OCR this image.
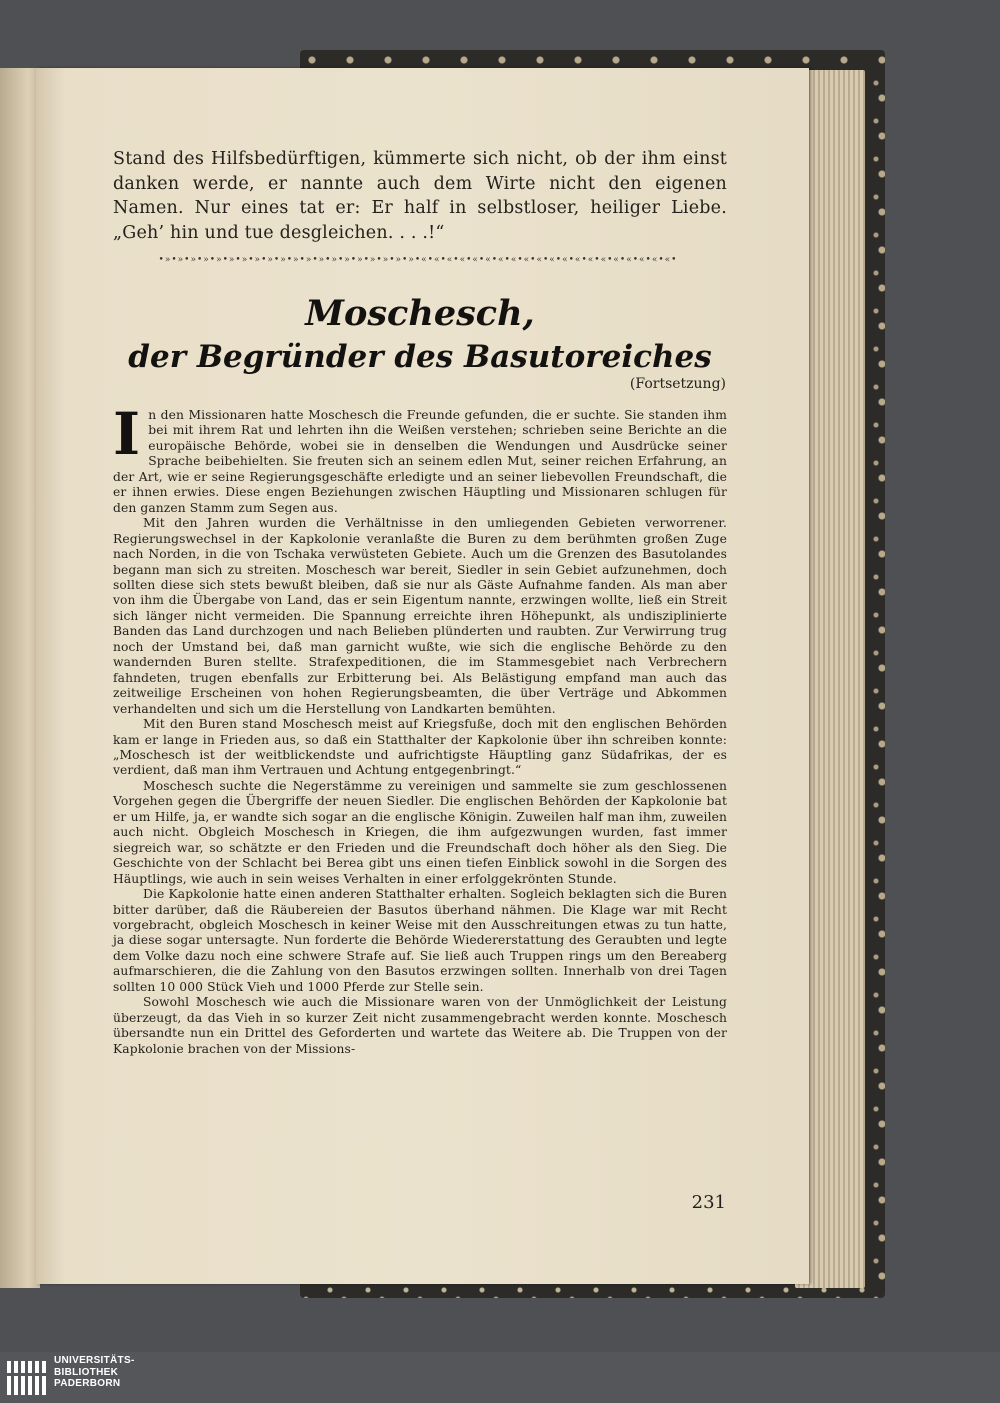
Stand des Hilfsbedürftigen, kümmerte sich nicht, ob der ihm einst danken werde, er nannte auch dem Wirte nicht den eigenen Namen. Nur eines tat er: Er half in selbstloser, heiliger Liebe. „Geh’ hin und tue desgleichen. . . .!“
•»•»•»•»•»•»•»•»•»•»•»•»•»•»•»•»•»•»•»•»•«•«•«•«•«•«•«•«•«•«•«•«•«•«•«•«•«•«•«•«•
Moschesch,
der Begründer des Basutoreiches
(Fortsetzung)

In den Missionaren hatte Moschesch die Freunde gefunden, die er suchte. Sie standen ihm bei mit ihrem Rat und lehrten ihn die Weißen verstehen; schrieben seine Berichte an die europäische Behörde, wobei sie in denselben die Wendungen und Ausdrücke seiner Sprache beibehielten. Sie freuten sich an seinem edlen Mut, seiner reichen Erfahrung, an der Art, wie er seine Regierungsgeschäfte erledigte und an seiner liebevollen Freundschaft, die er ihnen erwies. Diese engen Beziehungen zwischen Häuptling und Missionaren schlugen für den ganzen Stamm zum Segen aus.

Mit den Jahren wurden die Verhältnisse in den umliegenden Gebieten verworrener. Regierungswechsel in der Kapkolonie veranlaßte die Buren zu dem berühmten großen Zuge nach Norden, in die von Tschaka verwüsteten Gebiete. Auch um die Grenzen des Basutolandes begann man sich zu streiten. Moschesch war bereit, Siedler in sein Gebiet aufzunehmen, doch sollten diese sich stets bewußt bleiben, daß sie nur als Gäste Aufnahme fanden. Als man aber von ihm die Übergabe von Land, das er sein Eigentum nannte, erzwingen wollte, ließ ein Streit sich länger nicht vermeiden. Die Spannung erreichte ihren Höhepunkt, als undisziplinierte Banden das Land durchzogen und nach Belieben plünderten und raubten. Zur Verwirrung trug noch der Umstand bei, daß man garnicht wußte, wie sich die englische Behörde zu den wandernden Buren stellte. Strafexpeditionen, die im Stammesgebiet nach Verbrechern fahndeten, trugen ebenfalls zur Erbitterung bei. Als Belästigung empfand man auch das zeitweilige Erscheinen von hohen Regierungsbeamten, die über Verträge und Abkommen verhandelten und sich um die Herstellung von Landkarten bemühten.

Mit den Buren stand Moschesch meist auf Kriegsfuße, doch mit den englischen Behörden kam er lange in Frieden aus, so daß ein Statthalter der Kapkolonie über ihn schreiben konnte: „Moschesch ist der weitblickendste und aufrichtigste Häuptling ganz Südafrikas, der es verdient, daß man ihm Vertrauen und Achtung entgegenbringt.“

Moschesch suchte die Negerstämme zu vereinigen und sammelte sie zum geschlossenen Vorgehen gegen die Übergriffe der neuen Siedler. Die englischen Behörden der Kapkolonie bat er um Hilfe, ja, er wandte sich sogar an die englische Königin. Zuweilen half man ihm, zuweilen auch nicht. Obgleich Moschesch in Kriegen, die ihm aufgezwungen wurden, fast immer siegreich war, so schätzte er den Frieden und die Freundschaft doch höher als den Sieg. Die Geschichte von der Schlacht bei Berea gibt uns einen tiefen Einblick sowohl in die Sorgen des Häuptlings, wie auch in sein weises Verhalten in einer erfolggekrönten Stunde.

Die Kapkolonie hatte einen anderen Statthalter erhalten. Sogleich beklagten sich die Buren bitter darüber, daß die Räubereien der Basutos überhand nähmen. Die Klage war mit Recht vorgebracht, obgleich Moschesch in keiner Weise mit den Ausschreitungen etwas zu tun hatte, ja diese sogar untersagte. Nun forderte die Behörde Wiedererstattung des Geraubten und legte dem Volke dazu noch eine schwere Strafe auf. Sie ließ auch Truppen rings um den Bereaberg aufmarschieren, die die Zahlung von den Basutos erzwingen sollten. Innerhalb von drei Tagen sollten 10 000 Stück Vieh und 1000 Pferde zur Stelle sein.

Sowohl Moschesch wie auch die Missionare waren von der Unmöglichkeit der Leistung überzeugt, da das Vieh in so kurzer Zeit nicht zusammengebracht werden konnte. Moschesch übersandte nun ein Drittel des Geforderten und wartete das Weitere ab. Die Truppen von der Kapkolonie brachen von der Missions-

231
UNIVERSITÄTS-
BIBLIOTHEK
PADERBORN
